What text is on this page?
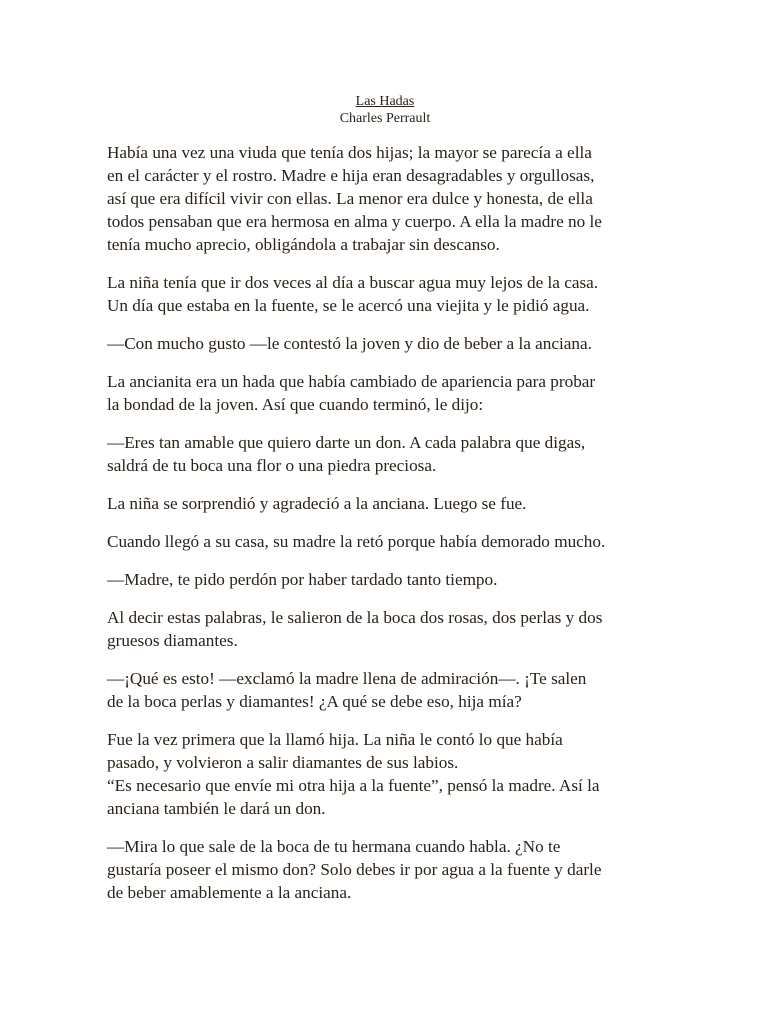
Las Hadas
Charles Perrault

Había una vez una viuda que tenía dos hijas; la mayor se parecía a ella
en el carácter y el rostro. Madre e hija eran desagradables y orgullosas,
así que era difícil vivir con ellas. La menor era dulce y honesta, de ella
todos pensaban que era hermosa en alma y cuerpo. A ella la madre no le
tenía mucho aprecio, obligándola a trabajar sin descanso.

La niña tenía que ir dos veces al día a buscar agua muy lejos de la casa.
Un día que estaba en la fuente, se le acercó una viejita y le pidió agua.

—Con mucho gusto —le contestó la joven y dio de beber a la anciana.

La ancianita era un hada que había cambiado de apariencia para probar
la bondad de la joven. Así que cuando terminó, le dijo:

—Eres tan amable que quiero darte un don. A cada palabra que digas,
saldrá de tu boca una flor o una piedra preciosa.

La niña se sorprendió y agradeció a la anciana. Luego se fue.

Cuando llegó a su casa, su madre la retó porque había demorado mucho.

—Madre, te pido perdón por haber tardado tanto tiempo.

Al decir estas palabras, le salieron de la boca dos rosas, dos perlas y dos
gruesos diamantes.

—¡Qué es esto! —exclamó la madre llena de admiración—. ¡Te salen
de la boca perlas y diamantes! ¿A qué se debe eso, hija mía?

Fue la vez primera que la llamó hija. La niña le contó lo que había
pasado, y volvieron a salir diamantes de sus labios.
“Es necesario que envíe mi otra hija a la fuente”, pensó la madre. Así la
anciana también le dará un don.

—Mira lo que sale de la boca de tu hermana cuando habla. ¿No te
gustaría poseer el mismo don? Solo debes ir por agua a la fuente y darle
de beber amablemente a la anciana.
